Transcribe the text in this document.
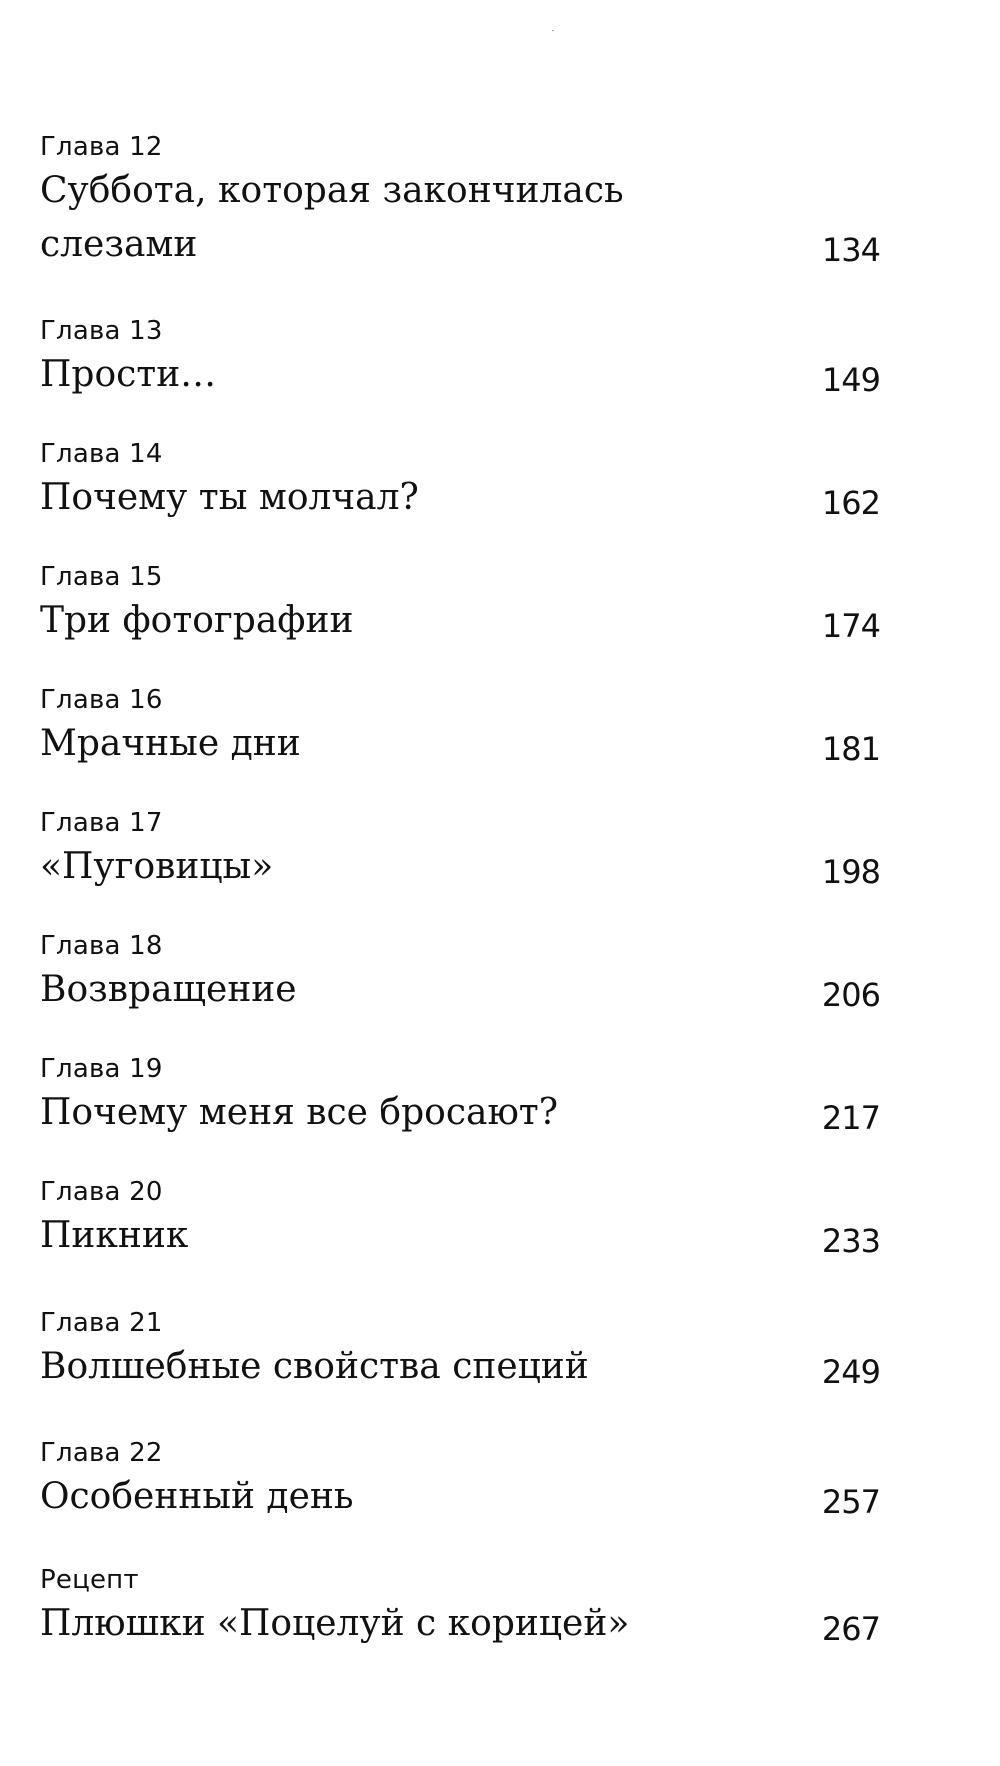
Глава 12
Суббота, которая закончилась слезами	134
Глава 13
Прости…	149
Глава 14
Почему ты молчал?	162
Глава 15
Три фотографии	174
Глава 16
Мрачные дни	181
Глава 17
«Пуговицы»	198
Глава 18
Возвращение	206
Глава 19
Почему меня все бросают?	217
Глава 20
Пикник	233
Глава 21
Волшебные свойства специй	249
Глава 22
Особенный день	257
Рецепт
Плюшки «Поцелуй с корицей»	267
